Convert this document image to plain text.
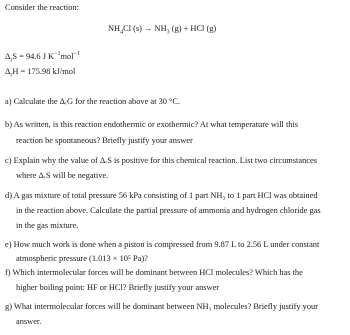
Consider the reaction:
$NH_4Cl$ $(s) \to NH_3$ (g) + HCl (g)
$\Delta_rS = 94.6$ J $K^{-1}mol^{-1}$
$\Delta_rH = 175.98$ kJ/mol
a) Calculate the ΔᵣG for the reaction above at 30 °C.
b) As written, is this reaction endothermic or exothermic? At what temperature will this
reaction be spontaneous? Briefly justify your answer
c) Explain why the value of ΔᵣS is positive for this chemical reaction. List two circumstances
where ΔᵣS will be negative.
d) A gas mixture of total pressure 56 kPa consisting of 1 part NH₃ to 1 part HCl was obtained
in the reaction above. Calculate the partial pressure of ammonia and hydrogen chloride gas
in the gas mixture.
e) How much work is done when a piston is compressed from 9.87 L to 2.56 L under constant
atmospheric pressure (1.013 × 10⁵ Pa)?
f) Which intermolecular forces will be dominant between HCl molecules? Which has the
higher boiling point: HF or HCl? Briefly justify your answer
g) What intermolecular forces will be dominant between NH₃ molecules? Briefly justify your
answer.
